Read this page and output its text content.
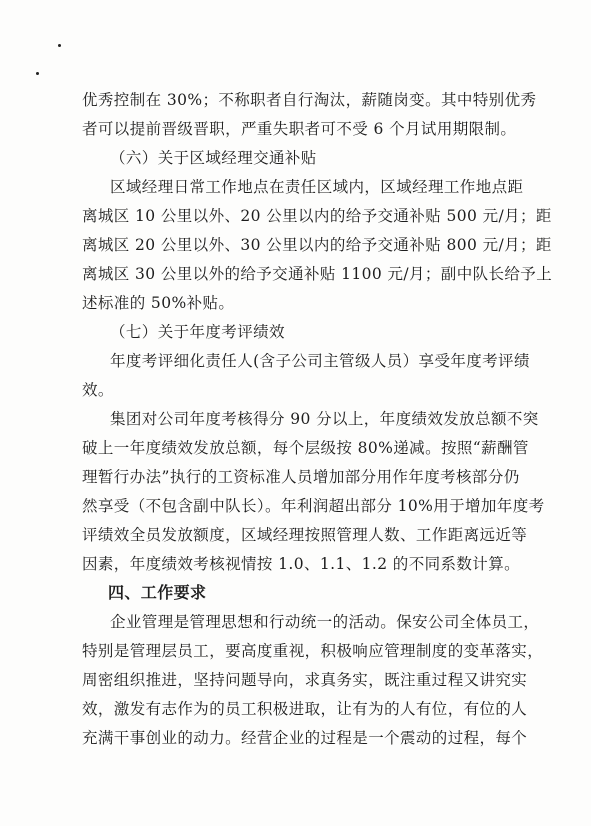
优秀控制在 30%；不称职者自行淘汰，薪随岗变。其中特别优秀
者可以提前晋级晋职，严重失职者可不受 6 个月试用期限制。
（六）关于区域经理交通补贴
区域经理日常工作地点在责任区域内，区域经理工作地点距
离城区 10 公里以外、20 公里以内的给予交通补贴 500 元/月；距
离城区 20 公里以外、30 公里以内的给予交通补贴 800 元/月；距
离城区 30 公里以外的给予交通补贴 1100 元/月；副中队长给予上
述标准的 50%补贴。
（七）关于年度考评绩效
年度考评细化责任人(含子公司主管级人员）享受年度考评绩
效。
集团对公司年度考核得分 90 分以上，年度绩效发放总额不突
破上一年度绩效发放总额，每个层级按 80%递减。按照“薪酬管
理暂行办法”执行的工资标准人员增加部分用作年度考核部分仍
然享受（不包含副中队长）。年利润超出部分 10%用于增加年度考
评绩效全员发放额度，区域经理按照管理人数、工作距离远近等
因素，年度绩效考核视情按 1.0、1.1、1.2 的不同系数计算。
四、工作要求
企业管理是管理思想和行动统一的活动。保安公司全体员工，
特别是管理层员工，要高度重视，积极响应管理制度的变革落实，
周密组织推进，坚持问题导向，求真务实，既注重过程又讲究实
效，激发有志作为的员工积极进取，让有为的人有位，有位的人
充满干事创业的动力。经营企业的过程是一个震动的过程，每个
